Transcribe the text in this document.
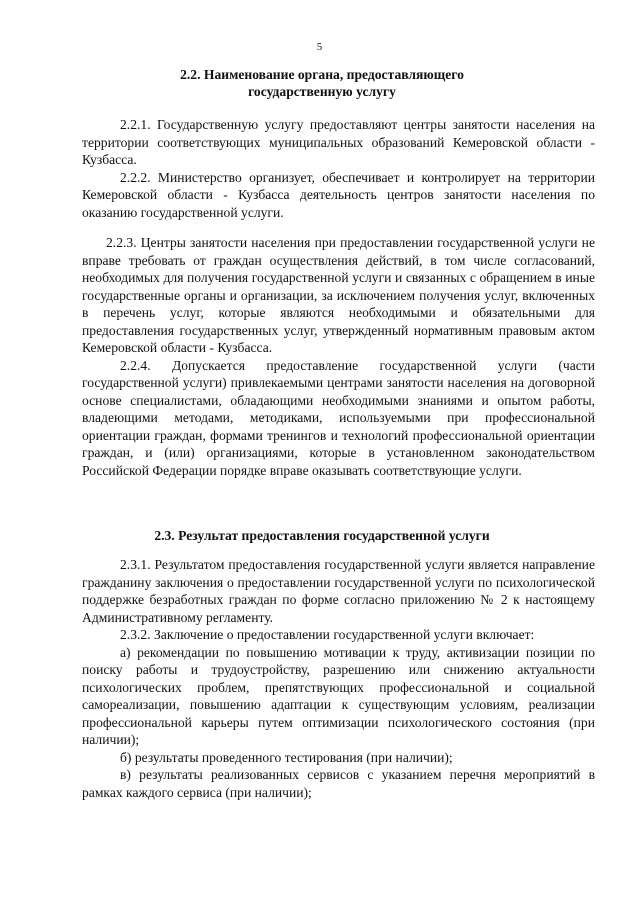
5
2.2. Наименование органа, предоставляющего
государственную услугу

2.2.1. Государственную услугу предоставляют центры занятости населения на территории соответствующих муниципальных образований Кемеровской области - Кузбасса.

2.2.2. Министерство организует, обеспечивает и контролирует на территории Кемеровской области - Кузбасса деятельность центров занятости населения по оказанию государственной услуги.

2.2.3. Центры занятости населения при предоставлении государственной услуги не вправе требовать от граждан осуществления действий, в том числе согласований, необходимых для получения государственной услуги и связанных с обращением в иные государственные органы и организации, за исключением получения услуг, включенных в перечень услуг, которые являются необходимыми и обязательными для предоставления государственных услуг, утвержденный нормативным правовым актом Кемеровской области - Кузбасса.

2.2.4. Допускается предоставление государственной услуги (части государственной услуги) привлекаемыми центрами занятости населения на договорной основе специалистами, обладающими необходимыми знаниями и опытом работы, владеющими методами, методиками, используемыми при профессиональной ориентации граждан, формами тренингов и технологий профессиональной ориентации граждан, и (или) организациями, которые в установленном законодательством Российской Федерации порядке вправе оказывать соответствующие услуги.

2.3. Результат предоставления государственной услуги

2.3.1. Результатом предоставления государственной услуги является направление гражданину заключения о предоставлении государственной услуги по психологической поддержке безработных граждан по форме согласно приложению № 2 к настоящему Административному регламенту.

2.3.2. Заключение о предоставлении государственной услуги включает:

а) рекомендации по повышению мотивации к труду, активизации позиции по поиску работы и трудоустройству, разрешению или снижению актуальности психологических проблем, препятствующих профессиональной и социальной самореализации, повышению адаптации к существующим условиям, реализации профессиональной карьеры путем оптимизации психологического состояния (при наличии);

б) результаты проведенного тестирования (при наличии);

в) результаты реализованных сервисов с указанием перечня мероприятий в рамках каждого сервиса (при наличии);
